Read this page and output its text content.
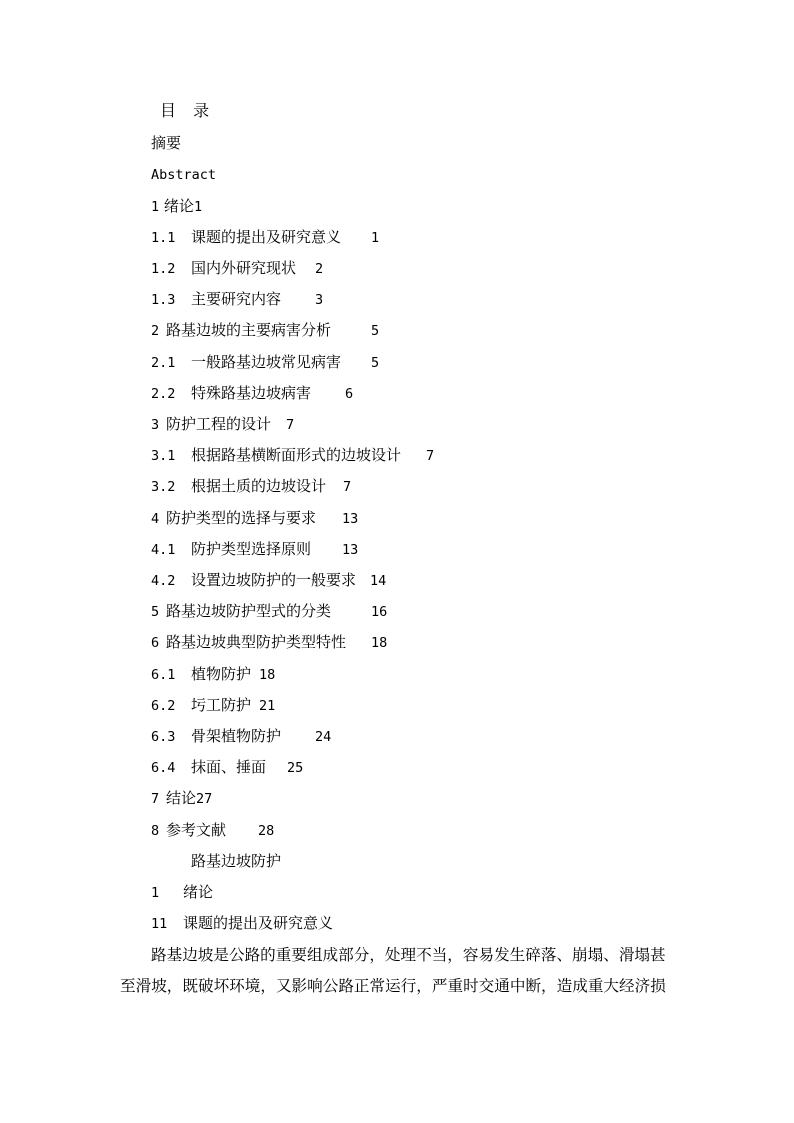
目 录
摘要
Abstract
1 绪论1
1.1 课题的提出及研究意义 1
1.2 国内外研究现状 2
1.3 主要研究内容	3
2 路基边坡的主要病害分析	5
2.1 一般路基边坡常见病害 5
2.2 特殊路基边坡病害	6
3 防护工程的设计 7
3.1 根据路基横断面形式的边坡设计 7
3.2 根据土质的边坡设计 7
4 防护类型的选择与要求 13
4.1 防护类型选择原则 13
4.2 设置边坡防护的一般要求 14
5 路基边坡防护型式的分类	16
6 路基边坡典型防护类型特性 18
6.1 植物防护 18
6.2 圬工防护 21
6.3 骨架植物防护	24
6.4 抹面、捶面 25
7 结论27
8 参考文献 28
路基边坡防护
1 绪论
11 课题的提出及研究意义
路基边坡是公路的重要组成部分，处理不当，容易发生碎落、崩塌、滑塌甚
至滑坡，既破坏环境，又影响公路正常运行，严重时交通中断，造成重大经济损
